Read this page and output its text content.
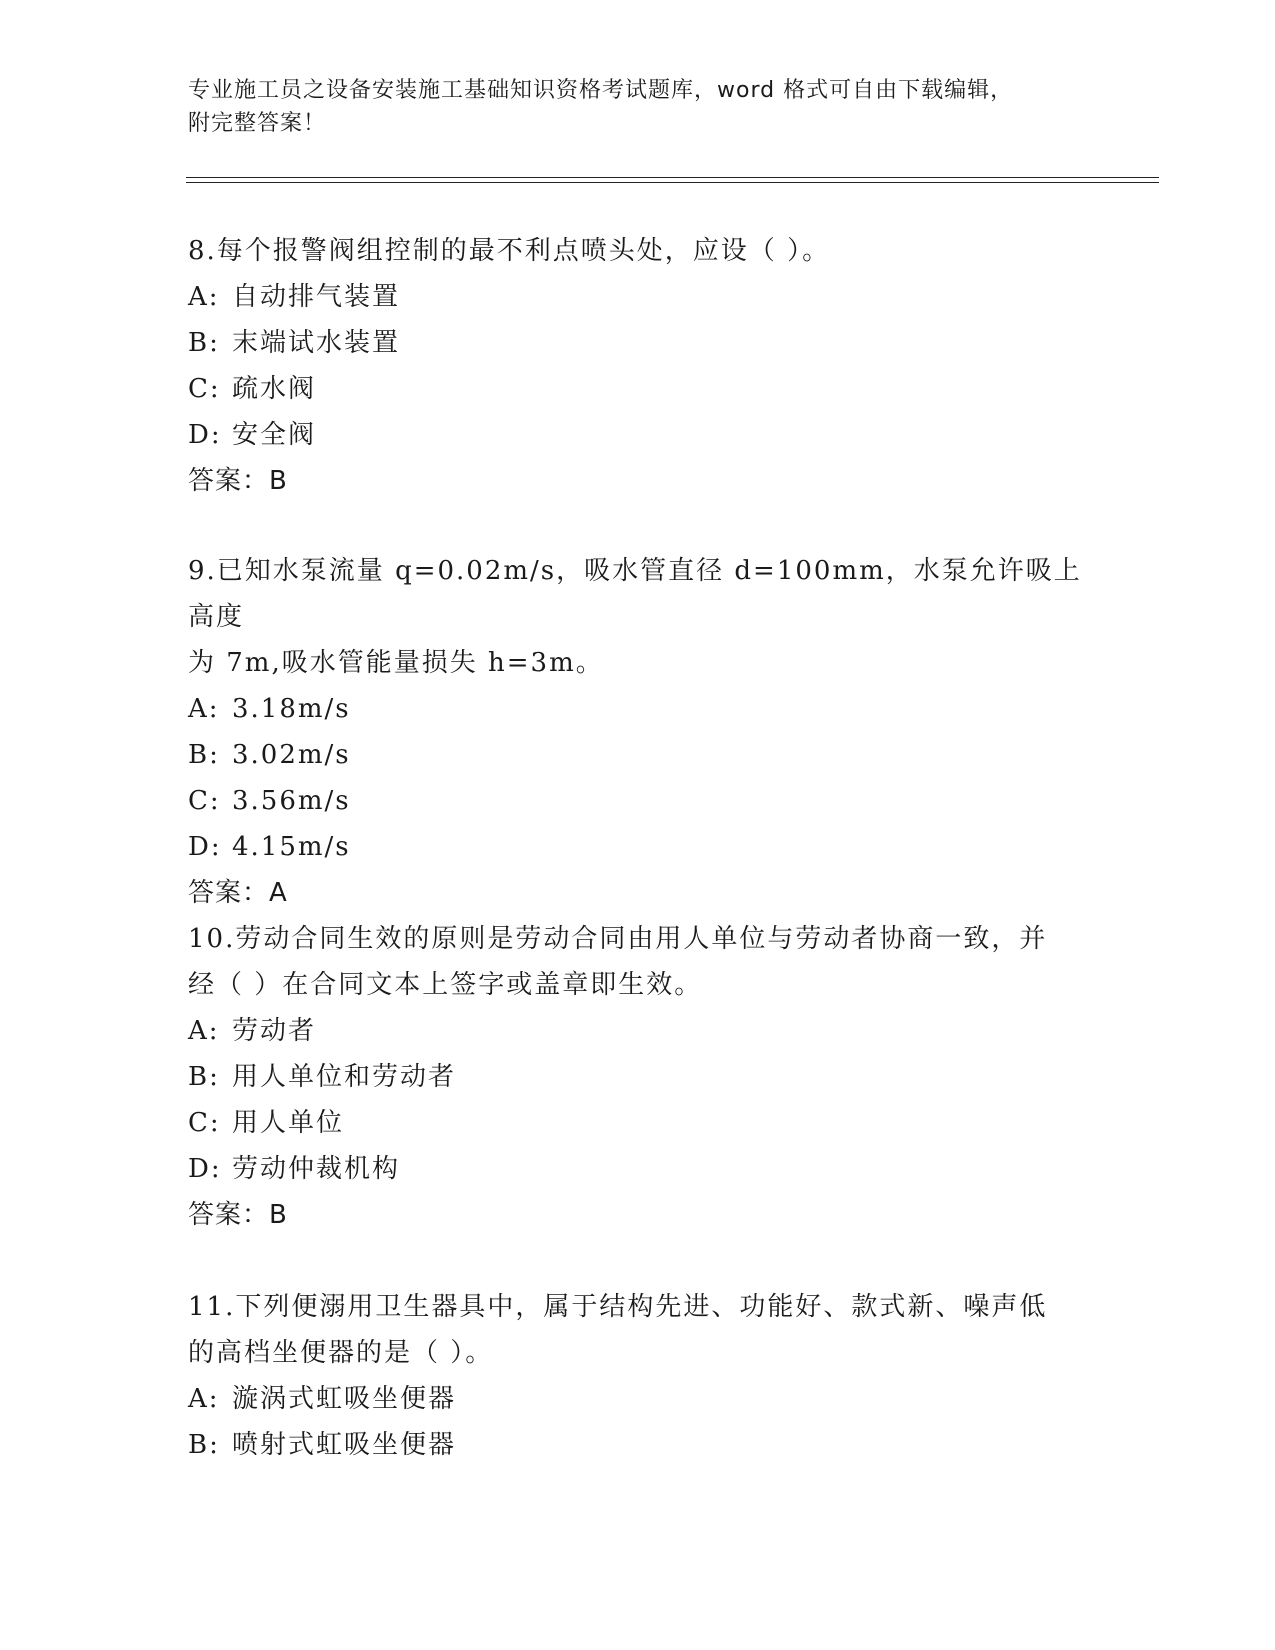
专业施工员之设备安装施工基础知识资格考试题库，word 格式可自由下载编辑，
附完整答案！
8.每个报警阀组控制的最不利点喷头处，应设（ ）。
A: 自动排气装置
B: 末端试水装置
C: 疏水阀
D: 安全阀
答案：B
9.已知水泵流量 q=0.02m/s，吸水管直径 d=100mm，水泵允许吸上高度
为 7m,吸水管能量损失 h=3m。
A: 3.18m/s
B: 3.02m/s
C: 3.56m/s
D: 4.15m/s
答案：A
10.劳动合同生效的原则是劳动合同由用人单位与劳动者协商一致，并
经（ ）在合同文本上签字或盖章即生效。
A: 劳动者
B: 用人单位和劳动者
C: 用人单位
D: 劳动仲裁机构
答案：B
11.下列便溺用卫生器具中，属于结构先进、功能好、款式新、噪声低
的高档坐便器的是（ ）。
A: 漩涡式虹吸坐便器
B: 喷射式虹吸坐便器
